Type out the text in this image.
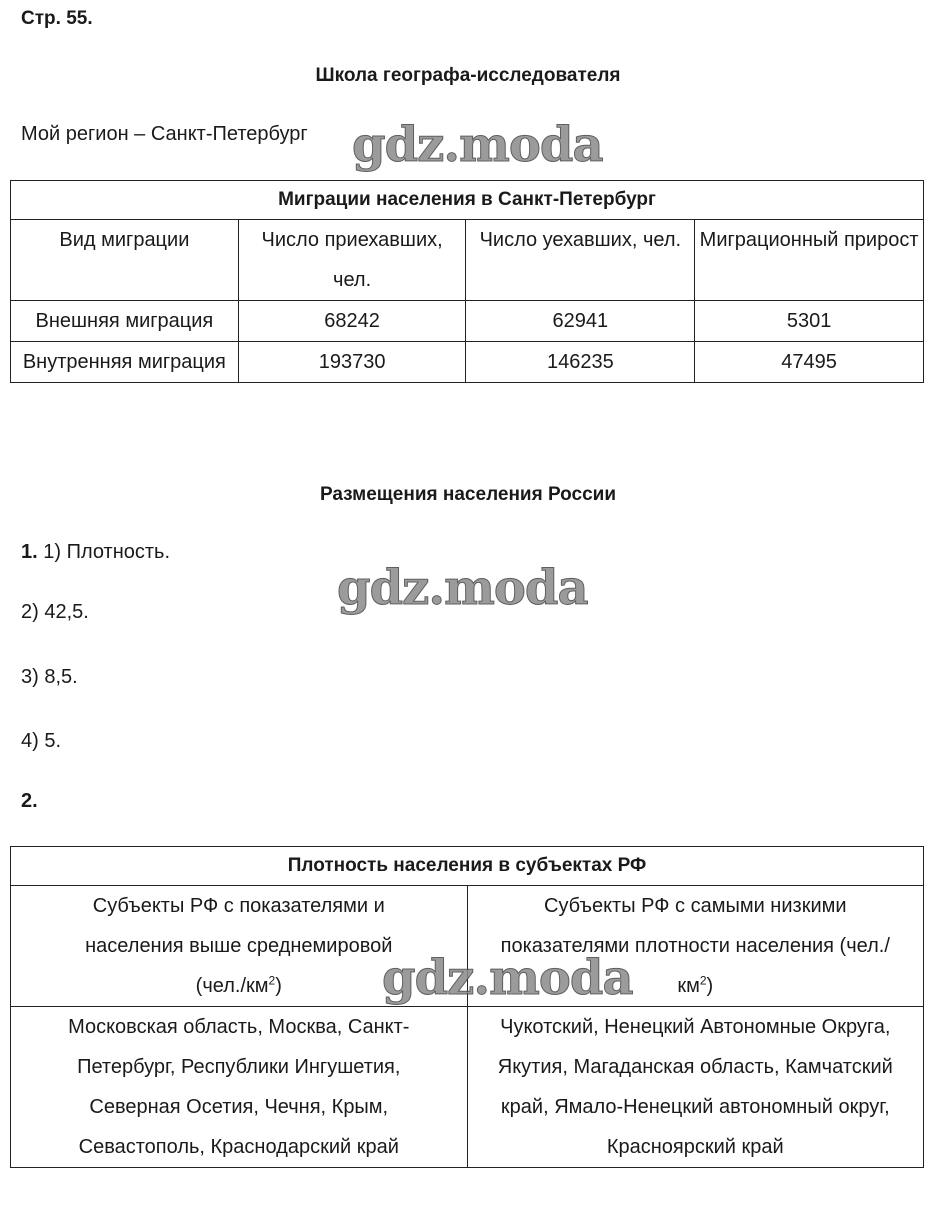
Стр. 55.
Школа географа-исследователя
Мой регион – Санкт-Петербург
Миграции населения в Санкт-Петербург			
Вид миграции	Число приехавших, чел.	Число уехавших, чел.	Миграционный прирост
Внешняя миграция	68242	62941	5301
Внутренняя миграция	193730	146235	47495
Размещения населения России
1. 1) Плотность.
2) 42,5.
3) 8,5.
4) 5.
2.
Плотность населения в субъектах РФ	
Субъекты РФ с показателями и населения выше среднемировой $(чел./км^2)$	Субъекты РФ с самыми низкими показателями плотности населения $(чел./км^2)$
Московская область, Москва, Санкт-Петербург, Республики Ингушетия, Северная Осетия, Чечня, Крым, Севастополь, Краснодарский край	Чукотский, Ненецкий Автономные Округа, Якутия, Магаданская область, Камчатский край, Ямало-Ненецкий автономный округ, Красноярский край
gdz.moda
gdz.moda
gdz.moda
